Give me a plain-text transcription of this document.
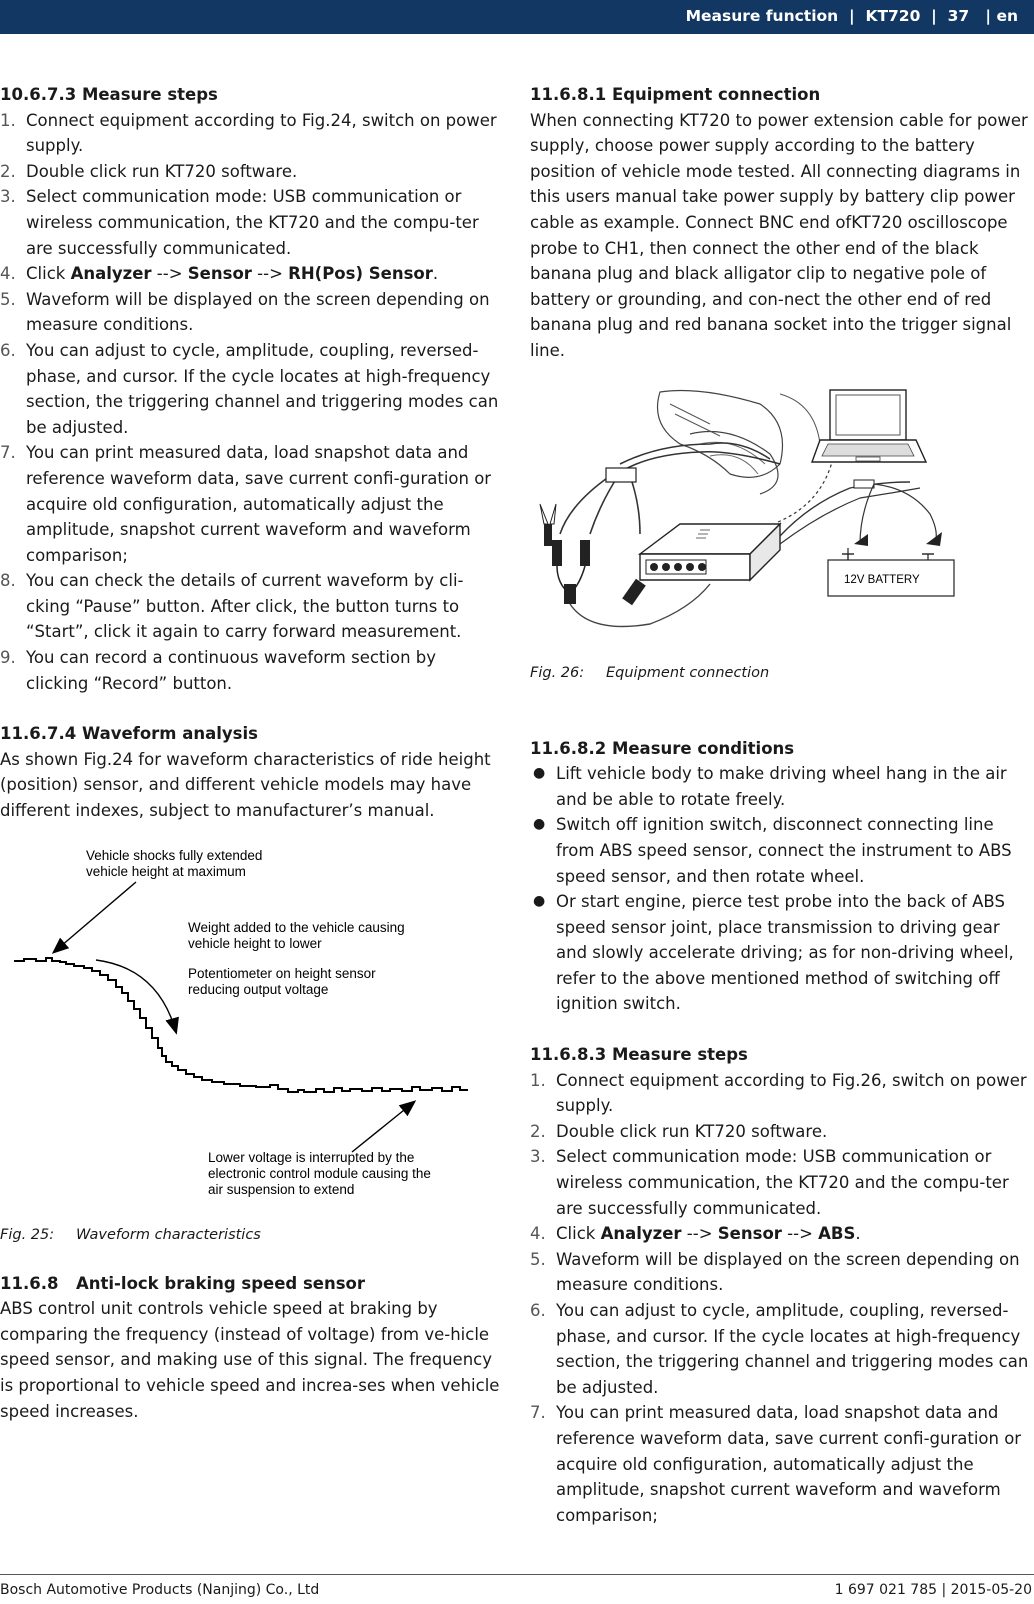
Measure function  |  KT720  |  37   | en
10.6.7.3 Measure steps
1. Connect equipment according to Fig.24, switch on power supply.
2. Double click run KT720 software.
3. Select communication mode: USB communication or wireless communication, the KT720 and the compu-ter are successfully communicated.
4. Click Analyzer --> Sensor --> RH(Pos) Sensor.
5. Waveform will be displayed on the screen depending on measure conditions.
6. You can adjust to cycle, amplitude, coupling, reversed-phase, and cursor. If the cycle locates at high-frequency section, the triggering channel and triggering modes can be adjusted.
7. You can print measured data, load snapshot data and reference waveform data, save current confi-guration or acquire old configuration, automatically adjust the amplitude, snapshot current waveform and waveform comparison;
8. You can check the details of current waveform by cli-cking “Pause” button. After click, the button turns to “Start”, click it again to carry forward measurement.
9. You can record a continuous waveform section by clicking “Record” button.
11.6.7.4 Waveform analysis

As shown Fig.24 for waveform characteristics of ride height (position) sensor, and different vehicle models may have different indexes, subject to manufacturer’s manual.

Vehicle shocks fully extended
vehicle height at maximum
Weight added to the vehicle causing
vehicle height to lower
Potentiometer on height sensor
reducing output voltage
Lower voltage is interrupted by the
electronic control module causing the
air suspension to extend

Fig. 25: Waveform characteristics

11.6.8 Anti-lock braking speed sensor

ABS control unit controls vehicle speed at braking by comparing the frequency (instead of voltage) from ve-hicle speed sensor, and making use of this signal. The frequency is proportional to vehicle speed and increa-ses when vehicle speed increases.

11.6.8.1 Equipment connection

When connecting KT720 to power extension cable for power supply, choose power supply according to the battery position of vehicle mode tested. All connecting diagrams in this users manual take power supply by battery clip power cable as example. Connect BNC end ofKT720 oscilloscope probe to CH1, then connect the other end of the black banana plug and black alligator clip to negative pole of battery or grounding, and con-nect the other end of red banana plug and red banana socket into the trigger signal line.

12V BATTERY

Fig. 26: Equipment connection

11.6.8.2 Measure conditions
● Lift vehicle body to make driving wheel hang in the air and be able to rotate freely.
● Switch off ignition switch, disconnect connecting line from ABS speed sensor, connect the instrument to ABS speed sensor, and then rotate wheel.
● Or start engine, pierce test probe into the back of ABS speed sensor joint, place transmission to driving gear and slowly accelerate driving; as for non-driving wheel, refer to the above mentioned method of switching off ignition switch.
11.6.8.3 Measure steps
1. Connect equipment according to Fig.26, switch on power supply.
2. Double click run KT720 software.
3. Select communication mode: USB communication or wireless communication, the KT720 and the compu-ter are successfully communicated.
4. Click Analyzer --> Sensor --> ABS.
5. Waveform will be displayed on the screen depending on measure conditions.
6. You can adjust to cycle, amplitude, coupling, reversed-phase, and cursor. If the cycle locates at high-frequency section, the triggering channel and triggering modes can be adjusted.
7. You can print measured data, load snapshot data and reference waveform data, save current confi-guration or acquire old configuration, automatically adjust the amplitude, snapshot current waveform and waveform comparison;
Bosch Automotive Products (Nanjing) Co., Ltd	1 697 021 785 | 2015-05-20
